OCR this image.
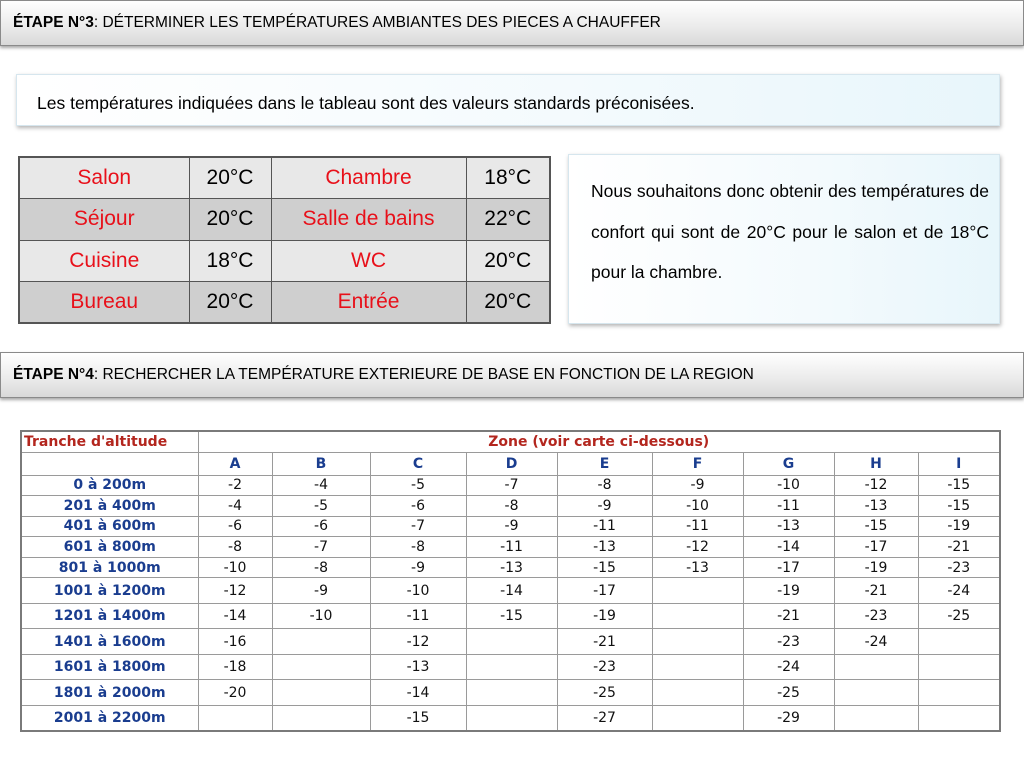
ÉTAPE N°3 : DÉTERMINER LES TEMPÉRATURES AMBIANTES DES PIECES A CHAUFFER

Les températures indiquées dans le tableau sont des valeurs standards préconisées.

Salon	20°C	Chambre	18°C
Séjour	20°C	Salle de bains	22°C
Cuisine	18°C	WC	20°C
Bureau	20°C	Entrée	20°C

Nous souhaitons donc obtenir des températures de confort qui sont de 20°C pour le salon et de 18°C pour la chambre.

ÉTAPE N°4 : RECHERCHER LA TEMPÉRATURE EXTERIEURE DE BASE EN FONCTION DE LA REGION
Tranche d'altitude	Zone (voir carte ci-dessous)								
	A	B	C	D	E	F	G	H	I
0 à 200m	-2	-4	-5	-7	-8	-9	-10	-12	-15
201 à 400m	-4	-5	-6	-8	-9	-10	-11	-13	-15
401 à 600m	-6	-6	-7	-9	-11	-11	-13	-15	-19
601 à 800m	-8	-7	-8	-11	-13	-12	-14	-17	-21
801 à 1000m	-10	-8	-9	-13	-15	-13	-17	-19	-23
1001 à 1200m	-12	-9	-10	-14	-17		-19	-21	-24
1201 à 1400m	-14	-10	-11	-15	-19		-21	-23	-25
1401 à 1600m	-16		-12		-21		-23	-24	
1601 à 1800m	-18		-13		-23		-24		
1801 à 2000m	-20		-14		-25		-25		
2001 à 2200m			-15		-27		-29		
